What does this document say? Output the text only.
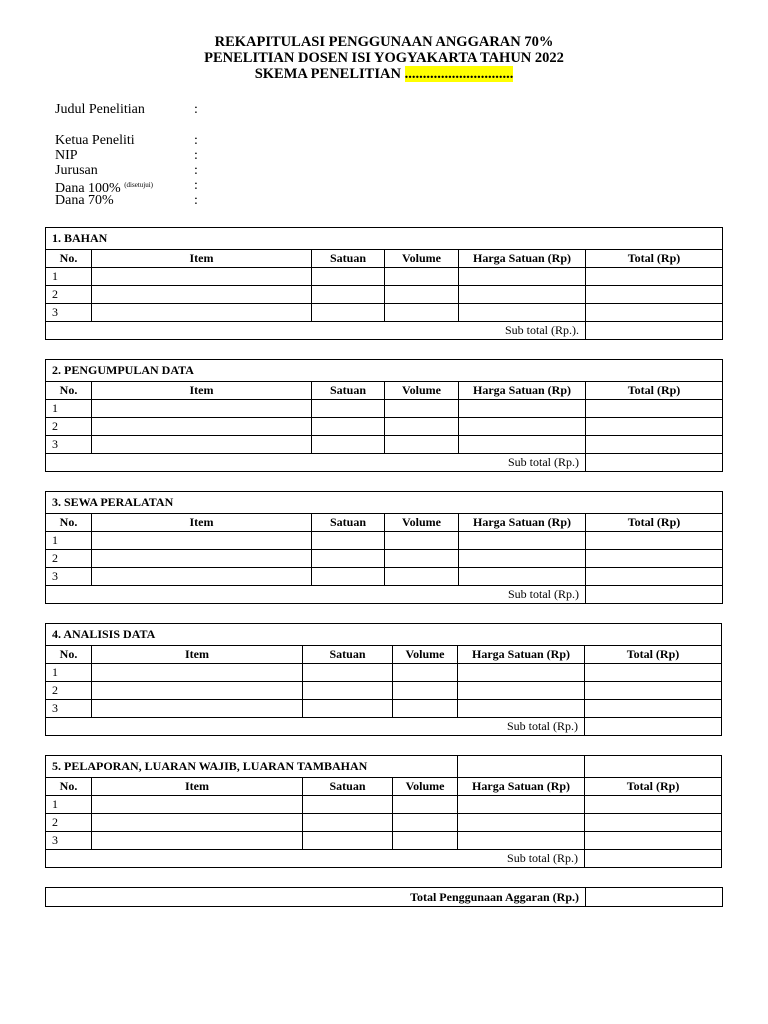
REKAPITULASI PENGGUNAAN ANGGARAN 70%
PENELITIAN DOSEN ISI YOGYAKARTA TAHUN 2022
SKEMA PENELITIAN ..............................
Judul Penelitian	:
Ketua Peneliti	:
NIP	:
Jurusan	:
Dana 100% $^{(disetujui)}$	:
Dana 70%	:
1. BAHAN					
No.	Item	Satuan	Volume	Harga Satuan (Rp)	Total (Rp)
1					
2					
3					
Sub total (Rp.).					
2. PENGUMPULAN DATA					
No.	Item	Satuan	Volume	Harga Satuan (Rp)	Total (Rp)
1					
2					
3					
Sub total (Rp.)					
3. SEWA PERALATAN					
No.	Item	Satuan	Volume	Harga Satuan (Rp)	Total (Rp)
1					
2					
3					
Sub total (Rp.)					
4. ANALISIS DATA					
No.	Item	Satuan	Volume	Harga Satuan (Rp)	Total (Rp)
1					
2					
3					
Sub total (Rp.)					
5. PELAPORAN, LUARAN WAJIB, LUARAN TAMBAHAN					
No.	Item	Satuan	Volume	Harga Satuan (Rp)	Total (Rp)
1					
2					
3					
Sub total (Rp.)					
Total Penggunaan Aggaran (Rp.)	
